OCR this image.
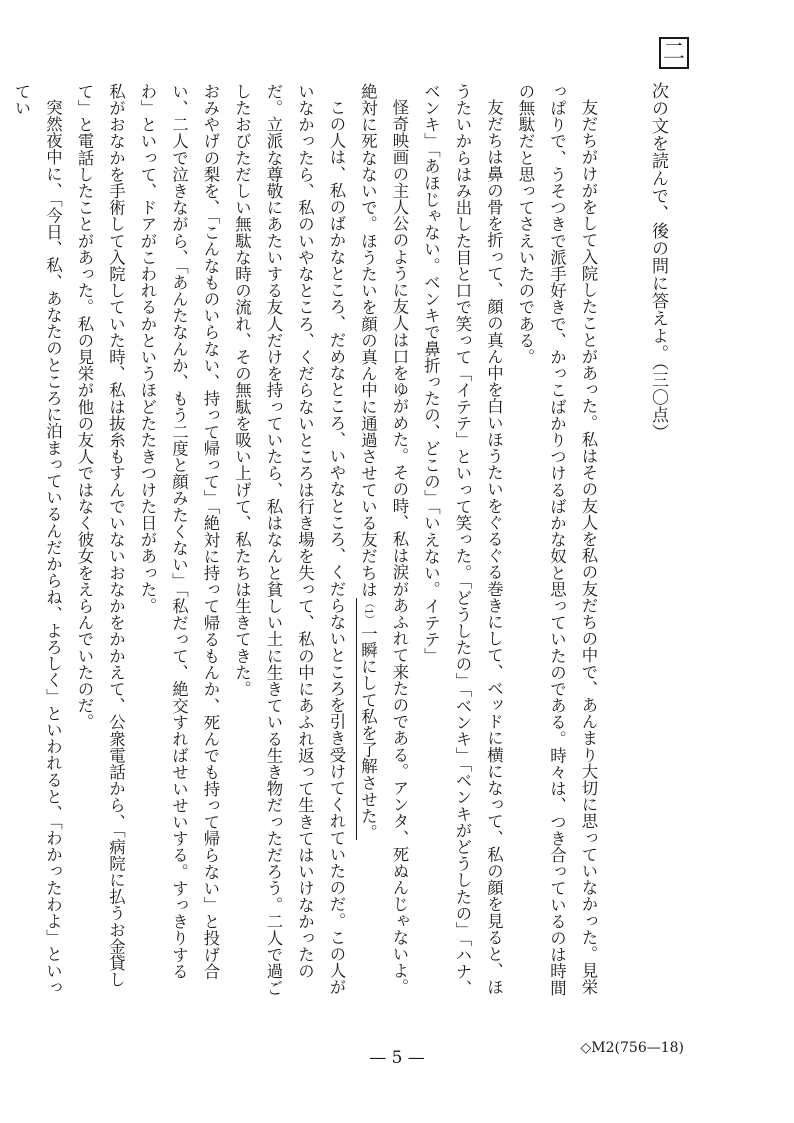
二
次の文を読んで、後の問に答えよ。（三〇点）

友だちがけがをして入院したことがあった。私はその友人を私の友だちの中で、あんまり大切に思っていなかった。見栄っぱりで、うそつきで派手好きで、かっこばかりつけるばかな奴と思っていたのである。時々は、つき合っているのは時間の無駄だと思ってさえいたのである。

友だちは鼻の骨を折って、顔の真ん中を白いほうたいをぐるぐる巻きにして、ベッドに横になって、私の顔を見ると、ほうたいからはみ出した目と口で笑って「イテテ」といって笑った。「どうしたの」「ベンキ」「ベンキがどうしたの」「ハナ、ベンキ」「あほじゃない。ベンキで鼻折ったの、どこの」「いえない。イテテ」

怪奇映画の主人公のように友人は口をゆがめた。その時、私は涙があふれて来たのである。アンタ、死ぬんじゃないよ。絶対に死なないで。ほうたいを顔の真ん中に通過させている友だちは（1）一瞬にして私を了解させた。

この人は、私のばかなところ、だめなところ、いやなところ、くだらないところを引き受けてくれていたのだ。この人がいなかったら、私のいやなところ、くだらないところは行き場を失って、私の中にあふれ返って生きてはいけなかったのだ。立派な尊敬にあたいする友人だけを持っていたら、私はなんと貧しい土に生きている生き物だっただろう。二人で過ごしたおびただしい無駄な時の流れ、その無駄を吸い上げて、私たちは生きてきた。

おみやげの梨を、「こんなものいらない、持って帰って」「絶対に持って帰るもんか、死んでも持って帰らない」と投げ合い、二人で泣きながら、「あんたなんか、もう二度と顔みたくない」「私だって、絶交すればせいせいする。すっきりするわ」といって、ドアがこわれるかというほどたたきつけた日があった。

私がおなかを手術して入院していた時、私は抜糸もすんでいないおなかをかかえて、公衆電話から、「病院に払うお金貸して」と電話したことがあった。私の見栄が他の友人ではなく彼女をえらんでいたのだ。

突然夜中に、「今日、私、あなたのところに泊まっているんだからね、よろしく」といわれると、「わかったわよ」といってい

— 5 —	◇M2(756—18)
